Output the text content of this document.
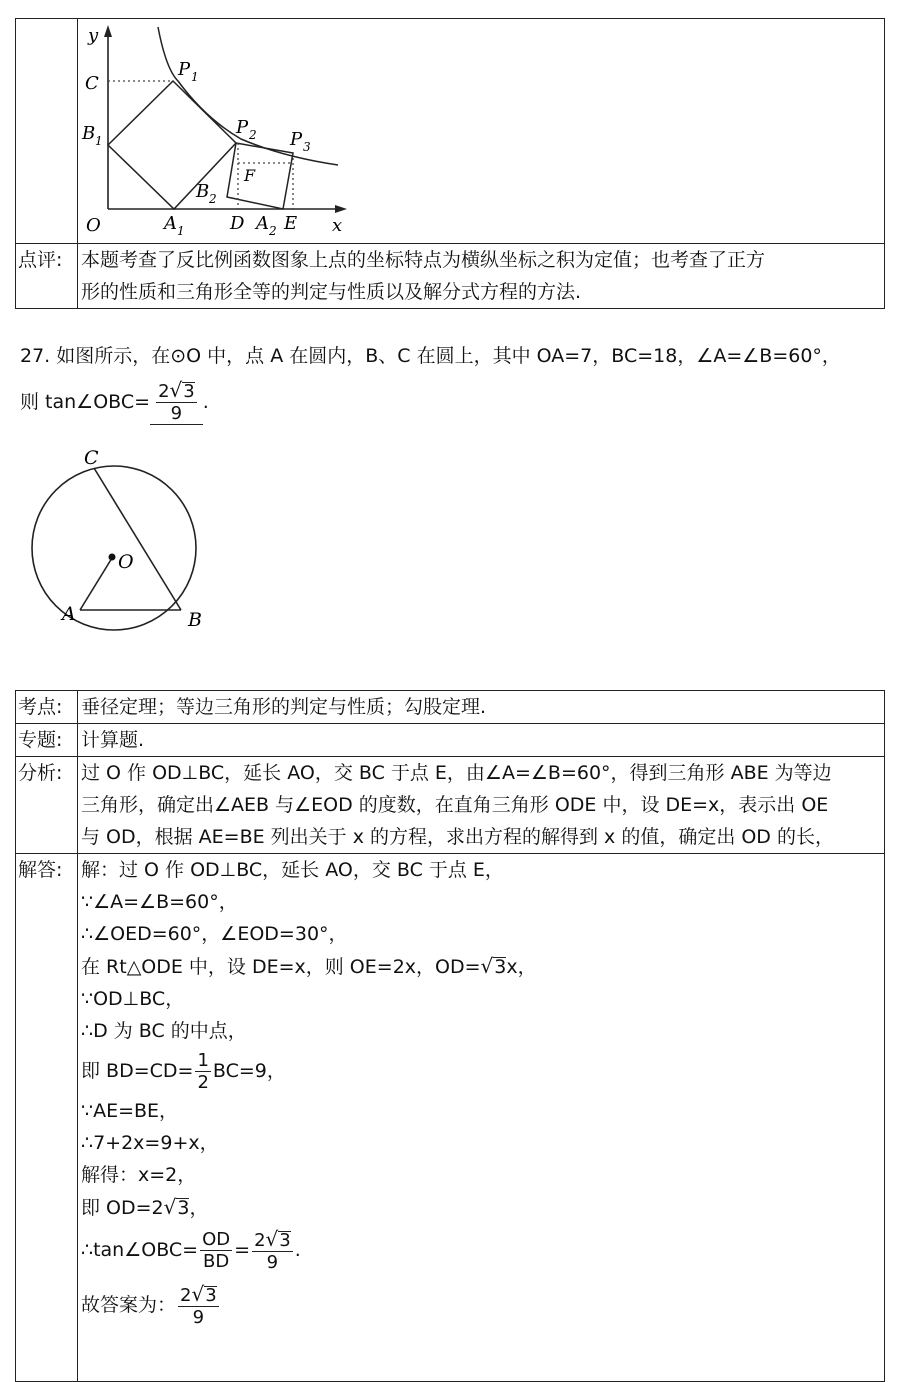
y
x
O
C
B 1
P 1
P 2 P 3
B 2
F
A 1	D A 2 E
点评: 本题考查了反比例函数图象上点的坐标特点为横纵坐标之积为定值；也考查了正方
形的性质和三角形全等的判定与性质以及解分式方程的方法.
27. 如图所示，在⊙O 中，点 A 在圆内，B、C 在圆上，其中 OA=7，BC=18，∠A=∠B=60°，
则 tan∠OBC= $\frac{2√3}{9}$ .
C
O
A	B
考点: 垂径定理；等边三角形的判定与性质；勾股定理.
专题: 计算题.
分析: 过 O 作 OD⊥BC，延长 AO，交 BC 于点 E，由∠A=∠B=60°，得到三角形 ABE 为等边
三角形，确定出∠AEB 与∠EOD 的度数，在直角三角形 ODE 中，设 DE=x，表示出 OE
与 OD，根据 AE=BE 列出关于 x 的方程，求出方程的解得到 x 的值，确定出 OD 的长，
解答: 解：过 O 作 OD⊥BC，延长 AO，交 BC 于点 E，
∵∠A=∠B=60°，
∴∠OED=60°，∠EOD=30°，
在 Rt△ODE 中，设 DE=x，则 OE=2x，OD=√3x，
∵OD⊥BC，
∴D 为 BC 的中点，
即 $BD=CD= \frac{1}{2} BC=9$，
∵AE=BE，
∴7+2x=9+x，
解得：x=2，
即 OD=2√3，
∴tan∠OBC= $\frac{OD}{BD} = \frac{2√3}{9}$ .
故答案为： $\frac{2√3}{9}$
